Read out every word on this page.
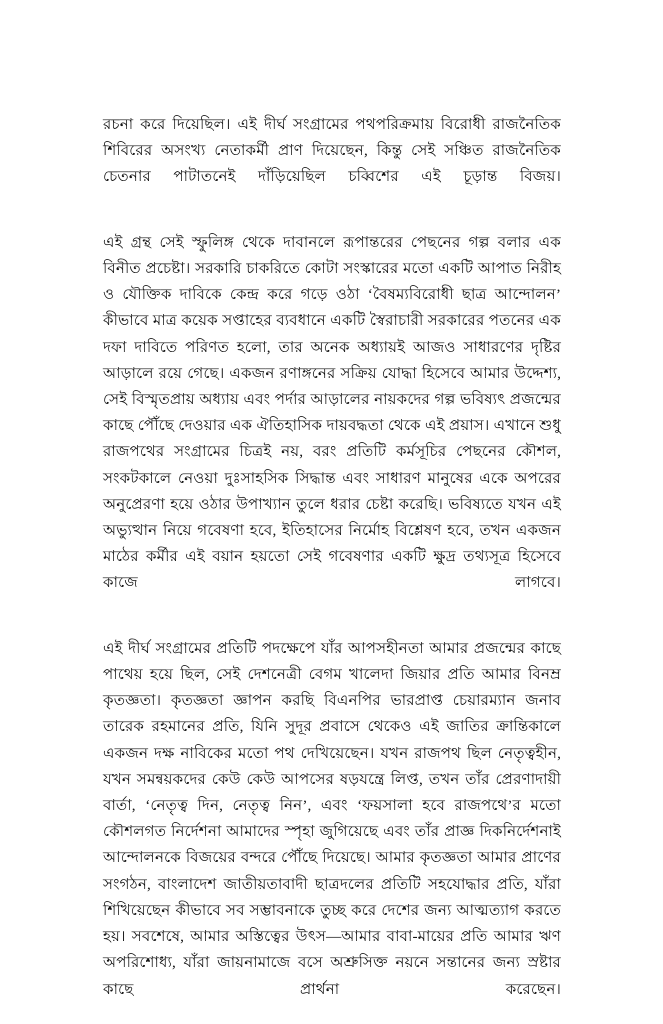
রচনা করে দিয়েছিল। এই দীর্ঘ সংগ্রামের পথপরিক্রমায় বিরোধী রাজনৈতিক শিবিরের অসংখ্য নেতাকর্মী প্রাণ দিয়েছেন, কিন্তু সেই সঞ্চিত রাজনৈতিক চেতনার পাটাতনেই দাঁড়িয়েছিল চব্বিশের এই চূড়ান্ত বিজয়।

এই গ্রন্থ সেই স্ফুলিঙ্গ থেকে দাবানলে রূপান্তরের পেছনের গল্প বলার এক বিনীত প্রচেষ্টা। সরকারি চাকরিতে কোটা সংস্কারের মতো একটি আপাত নিরীহ ও যৌক্তিক দাবিকে কেন্দ্র করে গড়ে ওঠা ‘বৈষম্যবিরোধী ছাত্র আন্দোলন’ কীভাবে মাত্র কয়েক সপ্তাহের ব্যবধানে একটি স্বৈরাচারী সরকারের পতনের এক দফা দাবিতে পরিণত হলো, তার অনেক অধ্যায়ই আজও সাধারণের দৃষ্টির আড়ালে রয়ে গেছে। একজন রণাঙ্গনের সক্রিয় যোদ্ধা হিসেবে আমার উদ্দেশ্য, সেই বিস্মৃতপ্রায় অধ্যায় এবং পর্দার আড়ালের নায়কদের গল্প ভবিষ্যৎ প্রজন্মের কাছে পৌঁছে দেওয়ার এক ঐতিহাসিক দায়বদ্ধতা থেকে এই প্রয়াস। এখানে শুধু রাজপথের সংগ্রামের চিত্রই নয়, বরং প্রতিটি কর্মসূচির পেছনের কৌশল, সংকটকালে নেওয়া দুঃসাহসিক সিদ্ধান্ত এবং সাধারণ মানুষের একে অপরের অনুপ্রেরণা হয়ে ওঠার উপাখ্যান তুলে ধরার চেষ্টা করেছি। ভবিষ্যতে যখন এই অভ্যুত্থান নিয়ে গবেষণা হবে, ইতিহাসের নির্মোহ বিশ্লেষণ হবে, তখন একজন মাঠের কর্মীর এই বয়ান হয়তো সেই গবেষণার একটি ক্ষুদ্র তথ্যসূত্র হিসেবে কাজে লাগবে।

এই দীর্ঘ সংগ্রামের প্রতিটি পদক্ষেপে যাঁর আপসহীনতা আমার প্রজন্মের কাছে পাথেয় হয়ে ছিল, সেই দেশনেত্রী বেগম খালেদা জিয়ার প্রতি আমার বিনম্র কৃতজ্ঞতা। কৃতজ্ঞতা জ্ঞাপন করছি বিএনপির ভারপ্রাপ্ত চেয়ারম্যান জনাব তারেক রহমানের প্রতি, যিনি সুদূর প্রবাসে থেকেও এই জাতির ক্রান্তিকালে একজন দক্ষ নাবিকের মতো পথ দেখিয়েছেন। যখন রাজপথ ছিল নেতৃত্বহীন, যখন সমন্বয়কদের কেউ কেউ আপসের ষড়যন্ত্রে লিপ্ত, তখন তাঁর প্রেরণাদায়ী বার্তা, ‘নেতৃত্ব দিন, নেতৃত্ব নিন’, এবং ‘ফয়সালা হবে রাজপথে’র মতো কৌশলগত নির্দেশনা আমাদের স্পৃহা জুগিয়েছে এবং তাঁর প্রাজ্ঞ দিকনির্দেশনাই আন্দোলনকে বিজয়ের বন্দরে পৌঁছে দিয়েছে। আমার কৃতজ্ঞতা আমার প্রাণের সংগঠন, বাংলাদেশ জাতীয়তাবাদী ছাত্রদলের প্রতিটি সহযোদ্ধার প্রতি, যাঁরা শিখিয়েছেন কীভাবে সব সম্ভাবনাকে তুচ্ছ করে দেশের জন্য আত্মত্যাগ করতে হয়। সবশেষে, আমার অস্তিত্বের উৎস—আমার বাবা-মায়ের প্রতি আমার ঋণ অপরিশোধ্য, যাঁরা জায়নামাজে বসে অশ্রুসিক্ত নয়নে সন্তানের জন্য স্রষ্টার কাছে প্রার্থনা করেছেন।
